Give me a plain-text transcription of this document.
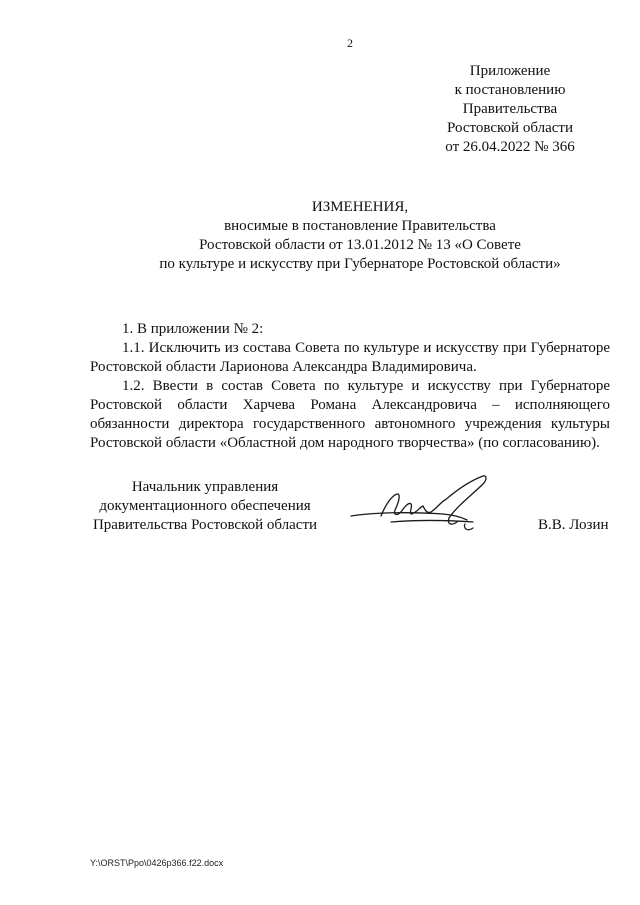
2
Приложение
к постановлению
Правительства
Ростовской области
от 26.04.2022 № 366
ИЗМЕНЕНИЯ,
вносимые в постановление Правительства
Ростовской области от 13.01.2012 № 13 «О Совете
по культуре и искусству при Губернаторе Ростовской области»

1. В приложении № 2:

1.1. Исключить из состава Совета по культуре и искусству при Губернаторе Ростовской области Ларионова Александра Владимировича.

1.2. Ввести в состав Совета по культуре и искусству при Губернаторе Ростовской области Харчева Романа Александровича – исполняющего обязанности директора государственного автономного учреждения культуры Ростовской области «Областной дом народного творчества» (по согласованию).

Начальник управления
документационного обеспечения
Правительства Ростовской области	В.В. Лозин
Y:\ORST\Ppo\0426p366.f22.docx
